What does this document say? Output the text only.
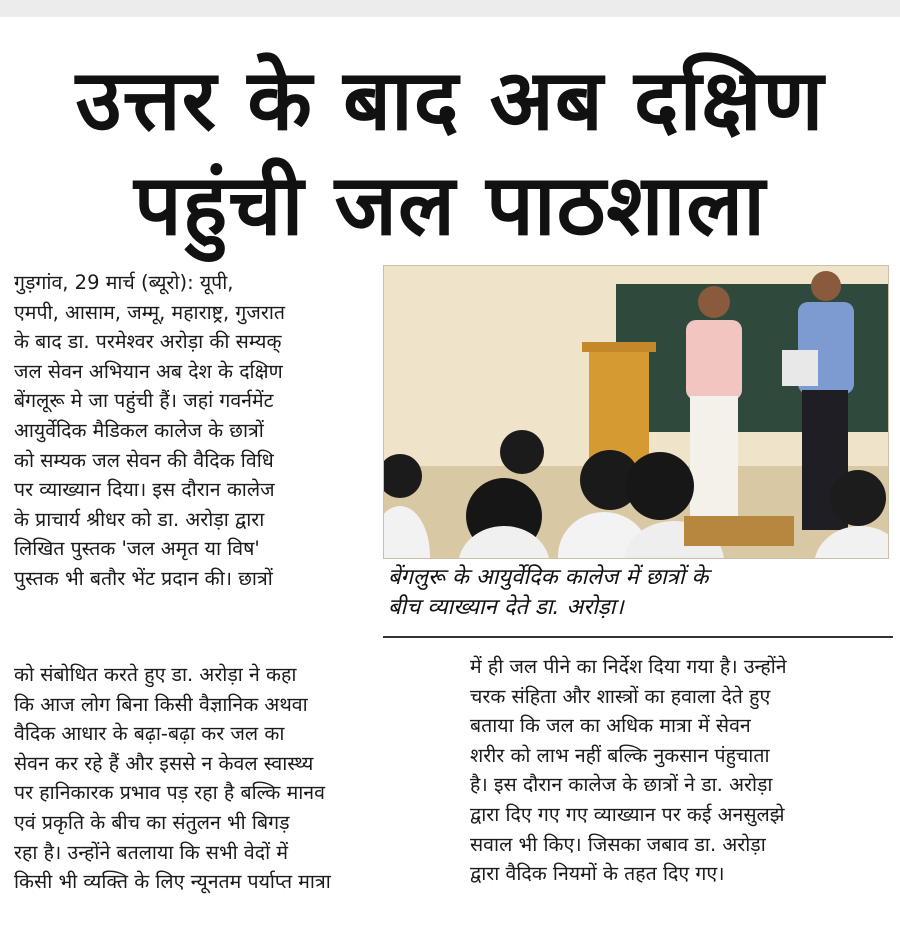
उत्तर के बाद अब दक्षिण
पहुंची जल पाठशाला
गुड़गांव, 29 मार्च (ब्यूरो): यूपी,
एमपी, आसाम, जम्मू, महाराष्ट्र, गुजरात
के बाद डा. परमेश्वर अरोड़ा की सम्यक्
जल सेवन अभियान अब देश के दक्षिण
बेंगलूरू मे जा पहुंची हैं। जहां गवर्नमेंट
आयुर्वेदिक मैडिकल कालेज के छात्रों
को सम्यक जल सेवन की वैदिक विधि
पर व्याख्यान दिया। इस दौरान कालेज
के प्राचार्य श्रीधर को डा. अरोड़ा द्वारा
लिखित पुस्तक 'जल अमृत या विष'
पुस्तक भी बतौर भेंट प्रदान की। छात्रों
को संबोधित करते हुए डा. अरोड़ा ने कहा
कि आज लोग बिना किसी वैज्ञानिक अथवा
वैदिक आधार के बढ़ा-बढ़ा कर जल का
सेवन कर रहे हैं और इससे न केवल स्वास्थ्य
पर हानिकारक प्रभाव पड़ रहा है बल्कि मानव
एवं प्रकृति के बीच का संतुलन भी बिगड़
रहा है। उन्होंने बतलाया कि सभी वेदों में
किसी भी व्यक्ति के लिए न्यूनतम पर्याप्त मात्रा
बेंगलुरू के आयुर्वेदिक कालेज में छात्रों के
बीच व्याख्यान देते डा. अरोड़ा।
में ही जल पीने का निर्देश दिया गया है। उन्होंने
चरक संहिता और शास्त्रों का हवाला देते हुए
बताया कि जल का अधिक मात्रा में सेवन
शरीर को लाभ नहीं बल्कि नुकसान पंहुचाता
है। इस दौरान कालेज के छात्रों ने डा. अरोड़ा
द्वारा दिए गए गए व्याख्यान पर कई अनसुलझे
सवाल भी किए। जिसका जबाव डा. अरोड़ा
द्वारा वैदिक नियमों के तहत दिए गए।
